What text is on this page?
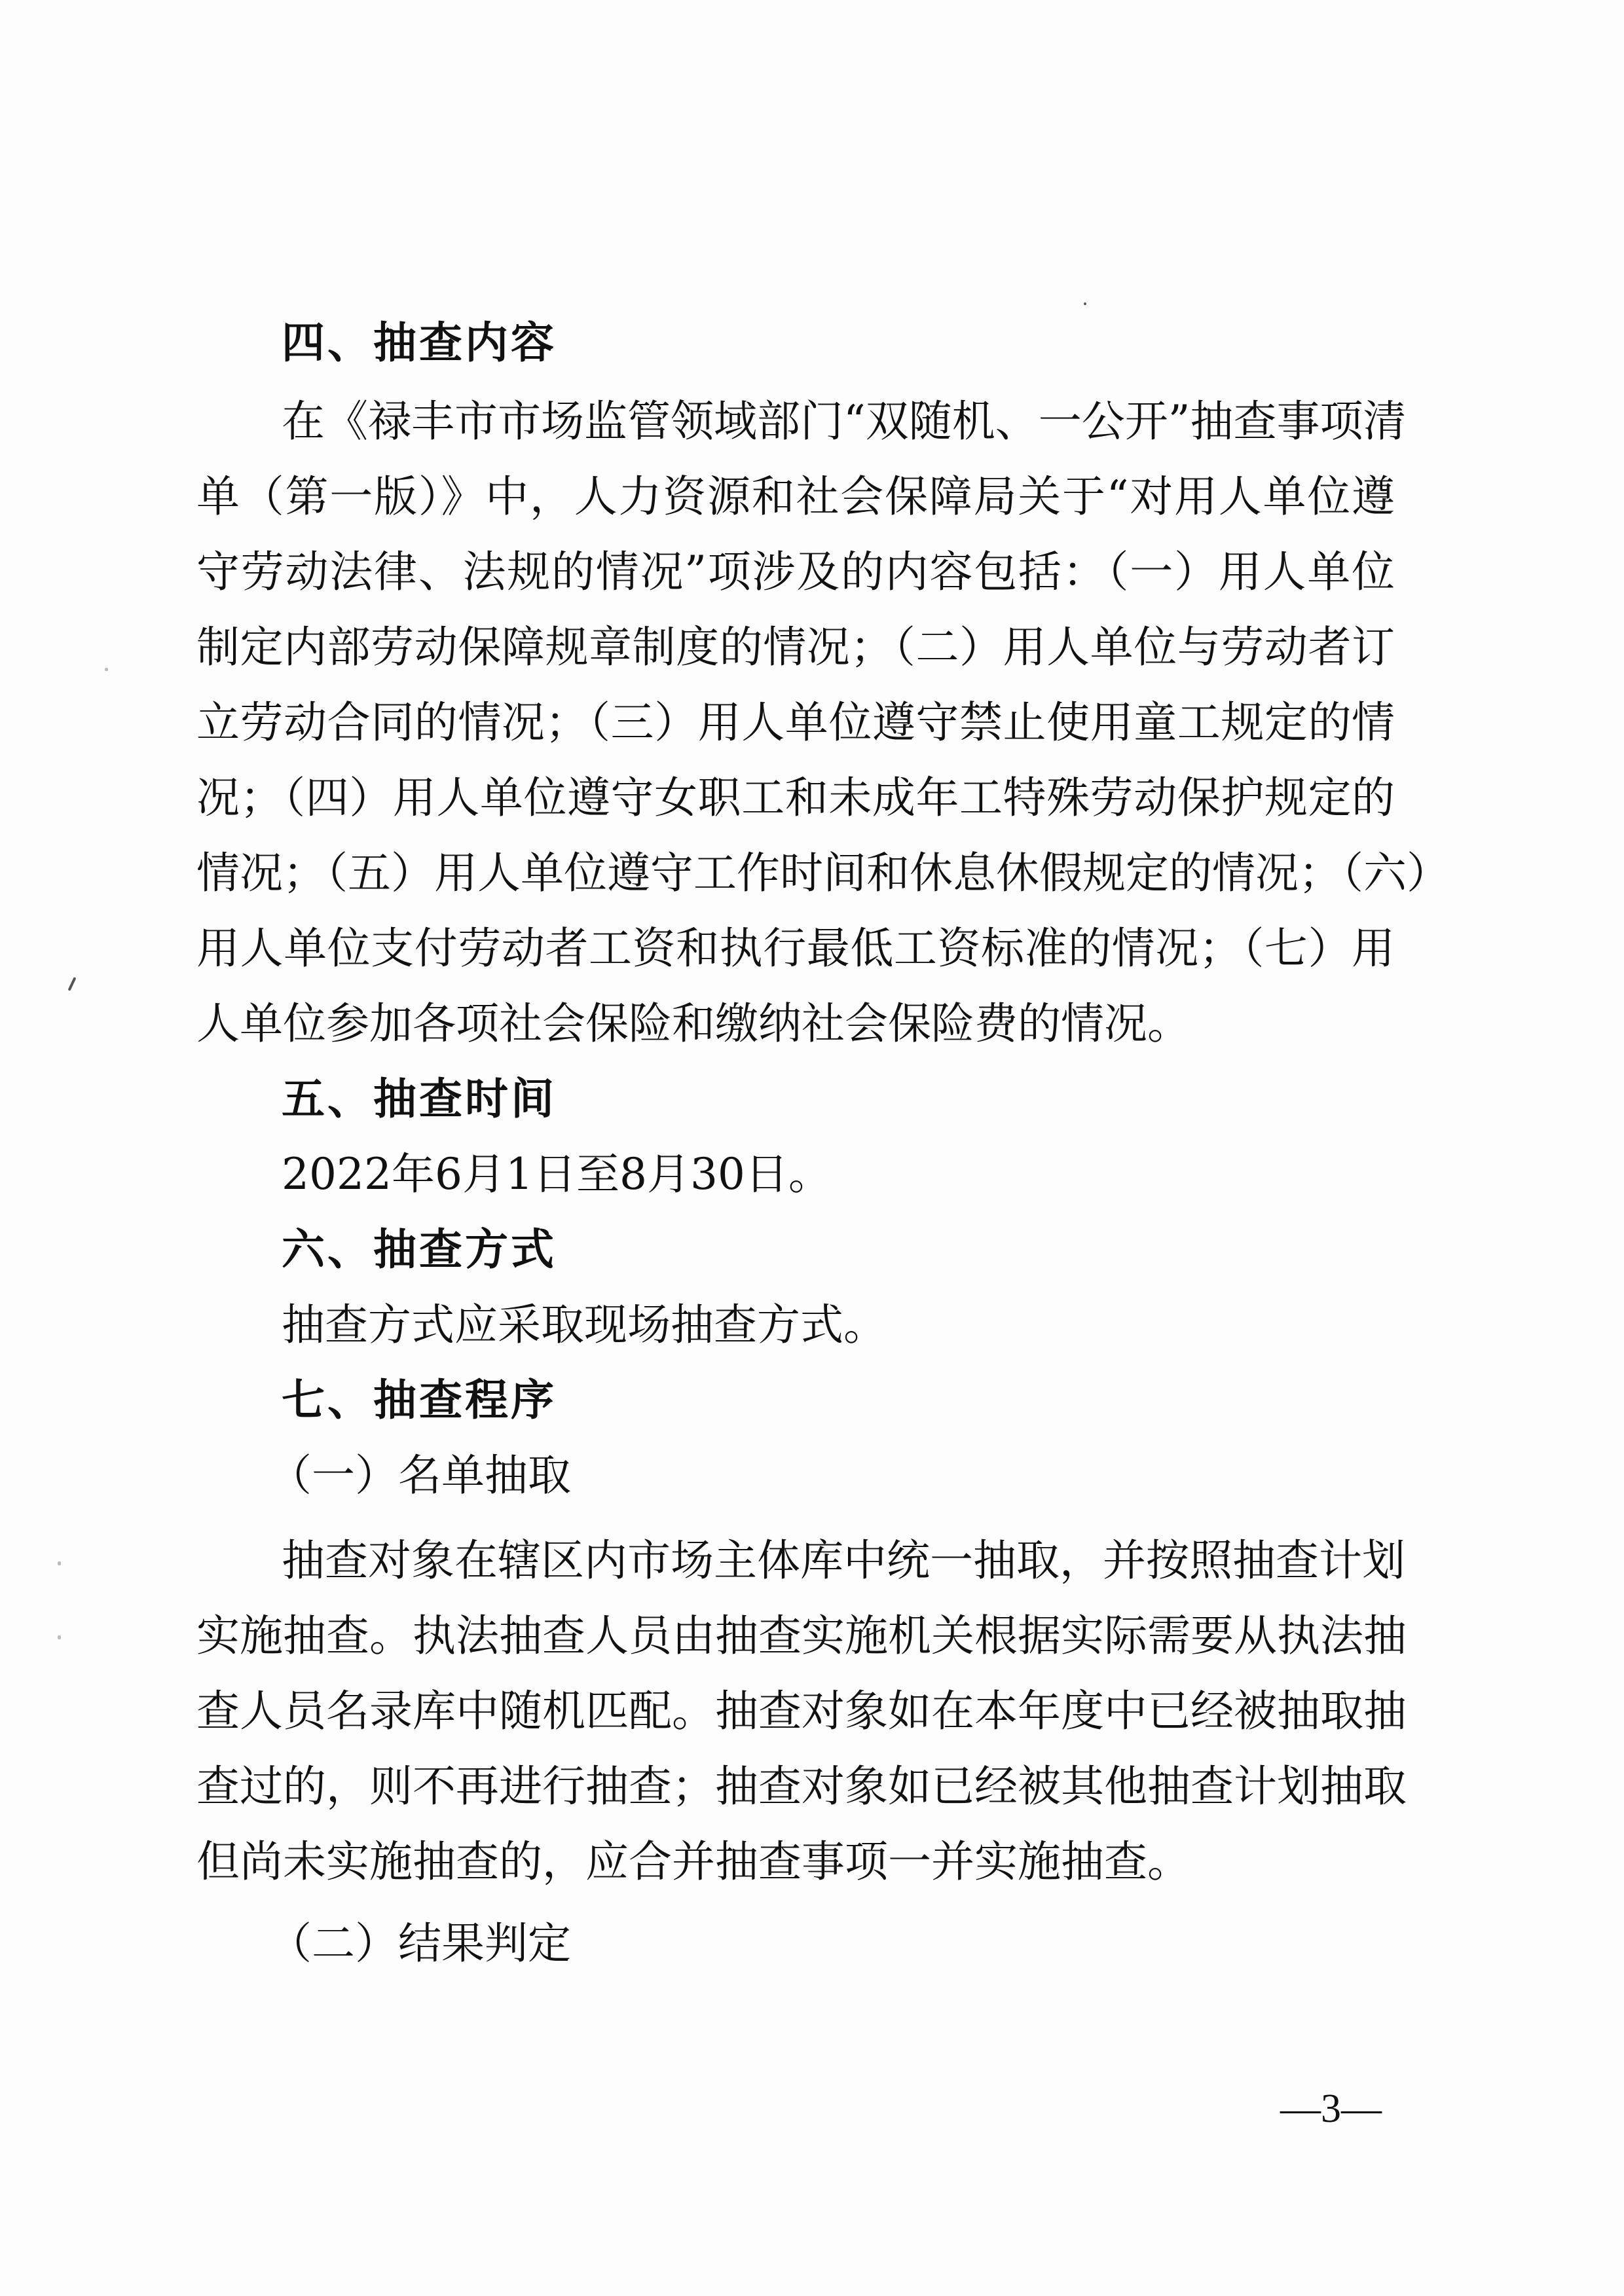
四、抽查内容
在《禄丰市市场监管领域部门“双随机、一公开”抽查事项清
单（第一版）》中，人力资源和社会保障局关于“对用人单位遵
守劳动法律、法规的情况”项涉及的内容包括：（一）用人单位
制定内部劳动保障规章制度的情况；（二）用人单位与劳动者订
立劳动合同的情况；（三）用人单位遵守禁止使用童工规定的情
况；（四）用人单位遵守女职工和未成年工特殊劳动保护规定的
情况；（五）用人单位遵守工作时间和休息休假规定的情况；（六）
用人单位支付劳动者工资和执行最低工资标准的情况；（七）用
人单位参加各项社会保险和缴纳社会保险费的情况。
五、抽查时间
2022年6月1日至8月30日。
六、抽查方式
抽查方式应采取现场抽查方式。
七、抽查程序
（一）名单抽取
抽查对象在辖区内市场主体库中统一抽取，并按照抽查计划
实施抽查。执法抽查人员由抽查实施机关根据实际需要从执法抽
查人员名录库中随机匹配。抽查对象如在本年度中已经被抽取抽
查过的，则不再进行抽查；抽查对象如已经被其他抽查计划抽取
但尚未实施抽查的，应合并抽查事项一并实施抽查。
（二）结果判定
—3—
